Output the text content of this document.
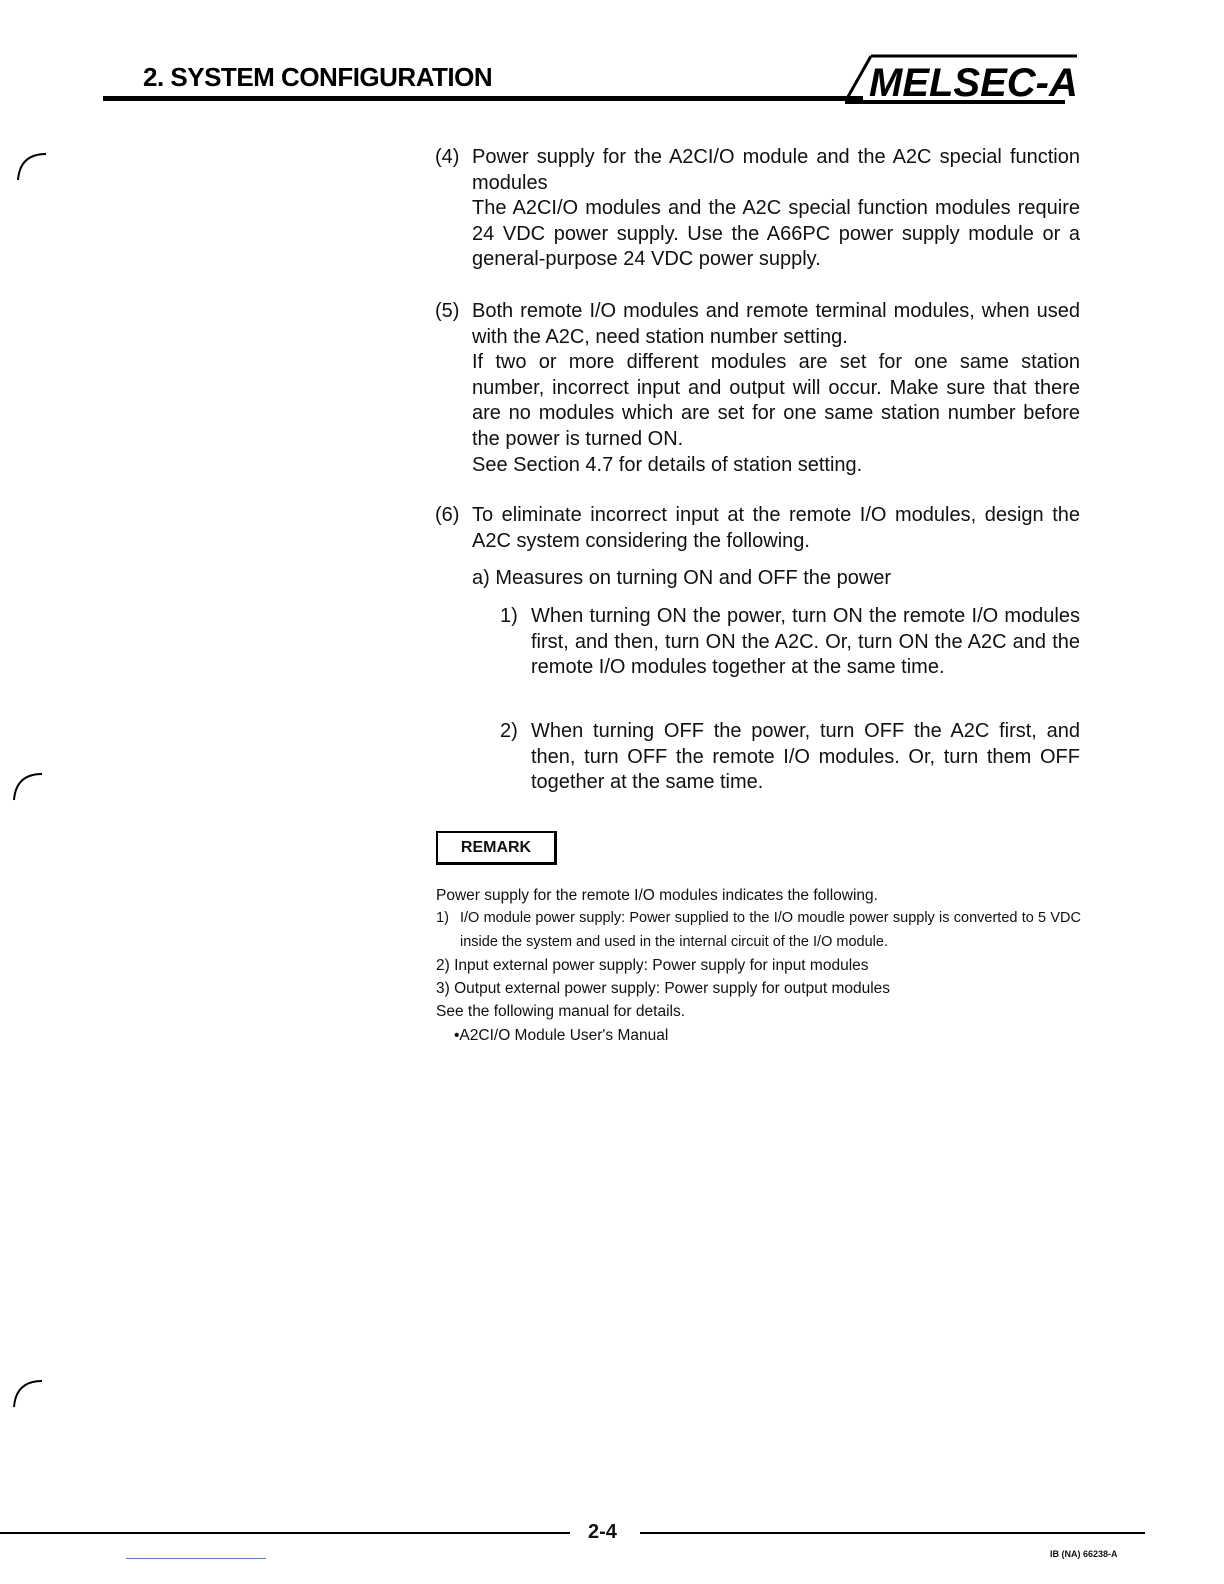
2. SYSTEM CONFIGURATION	MELSEC-A
(4) Power supply for the A2CI/O module and the A2C special function modules

The A2CI/O modules and the A2C special function modules require 24 VDC power supply. Use the A66PC power supply module or a general-purpose 24 VDC power supply.

(5) Both remote I/O modules and remote terminal modules, when used with the A2C, need station number setting.

If two or more different modules are set for one same station number, incorrect input and output will occur. Make sure that there are no modules which are set for one same station number before the power is turned ON.

See Section 4.7 for details of station setting.

(6) To eliminate incorrect input at the remote I/O modules, design the A2C system considering the following.

a) Measures on turning ON and OFF the power
1) When turning ON the power, turn ON the remote I/O modules first, and then, turn ON the A2C. Or, turn ON the A2C and the remote I/O modules together at the same time.
2) When turning OFF the power, turn OFF the A2C first, and then, turn OFF the remote I/O modules. Or, turn them OFF together at the same time.
REMARK
Power supply for the remote I/O modules indicates the following.
1) I/O module power supply: Power supplied to the I/O moudle power supply is converted to 5 VDC inside the system and used in the internal circuit of the I/O module.
2) Input external power supply: Power supply for input modules
3) Output external power supply: Power supply for output modules
See the following manual for details.
•A2CI/O Module User's Manual
2-4
IB (NA) 66238-A
